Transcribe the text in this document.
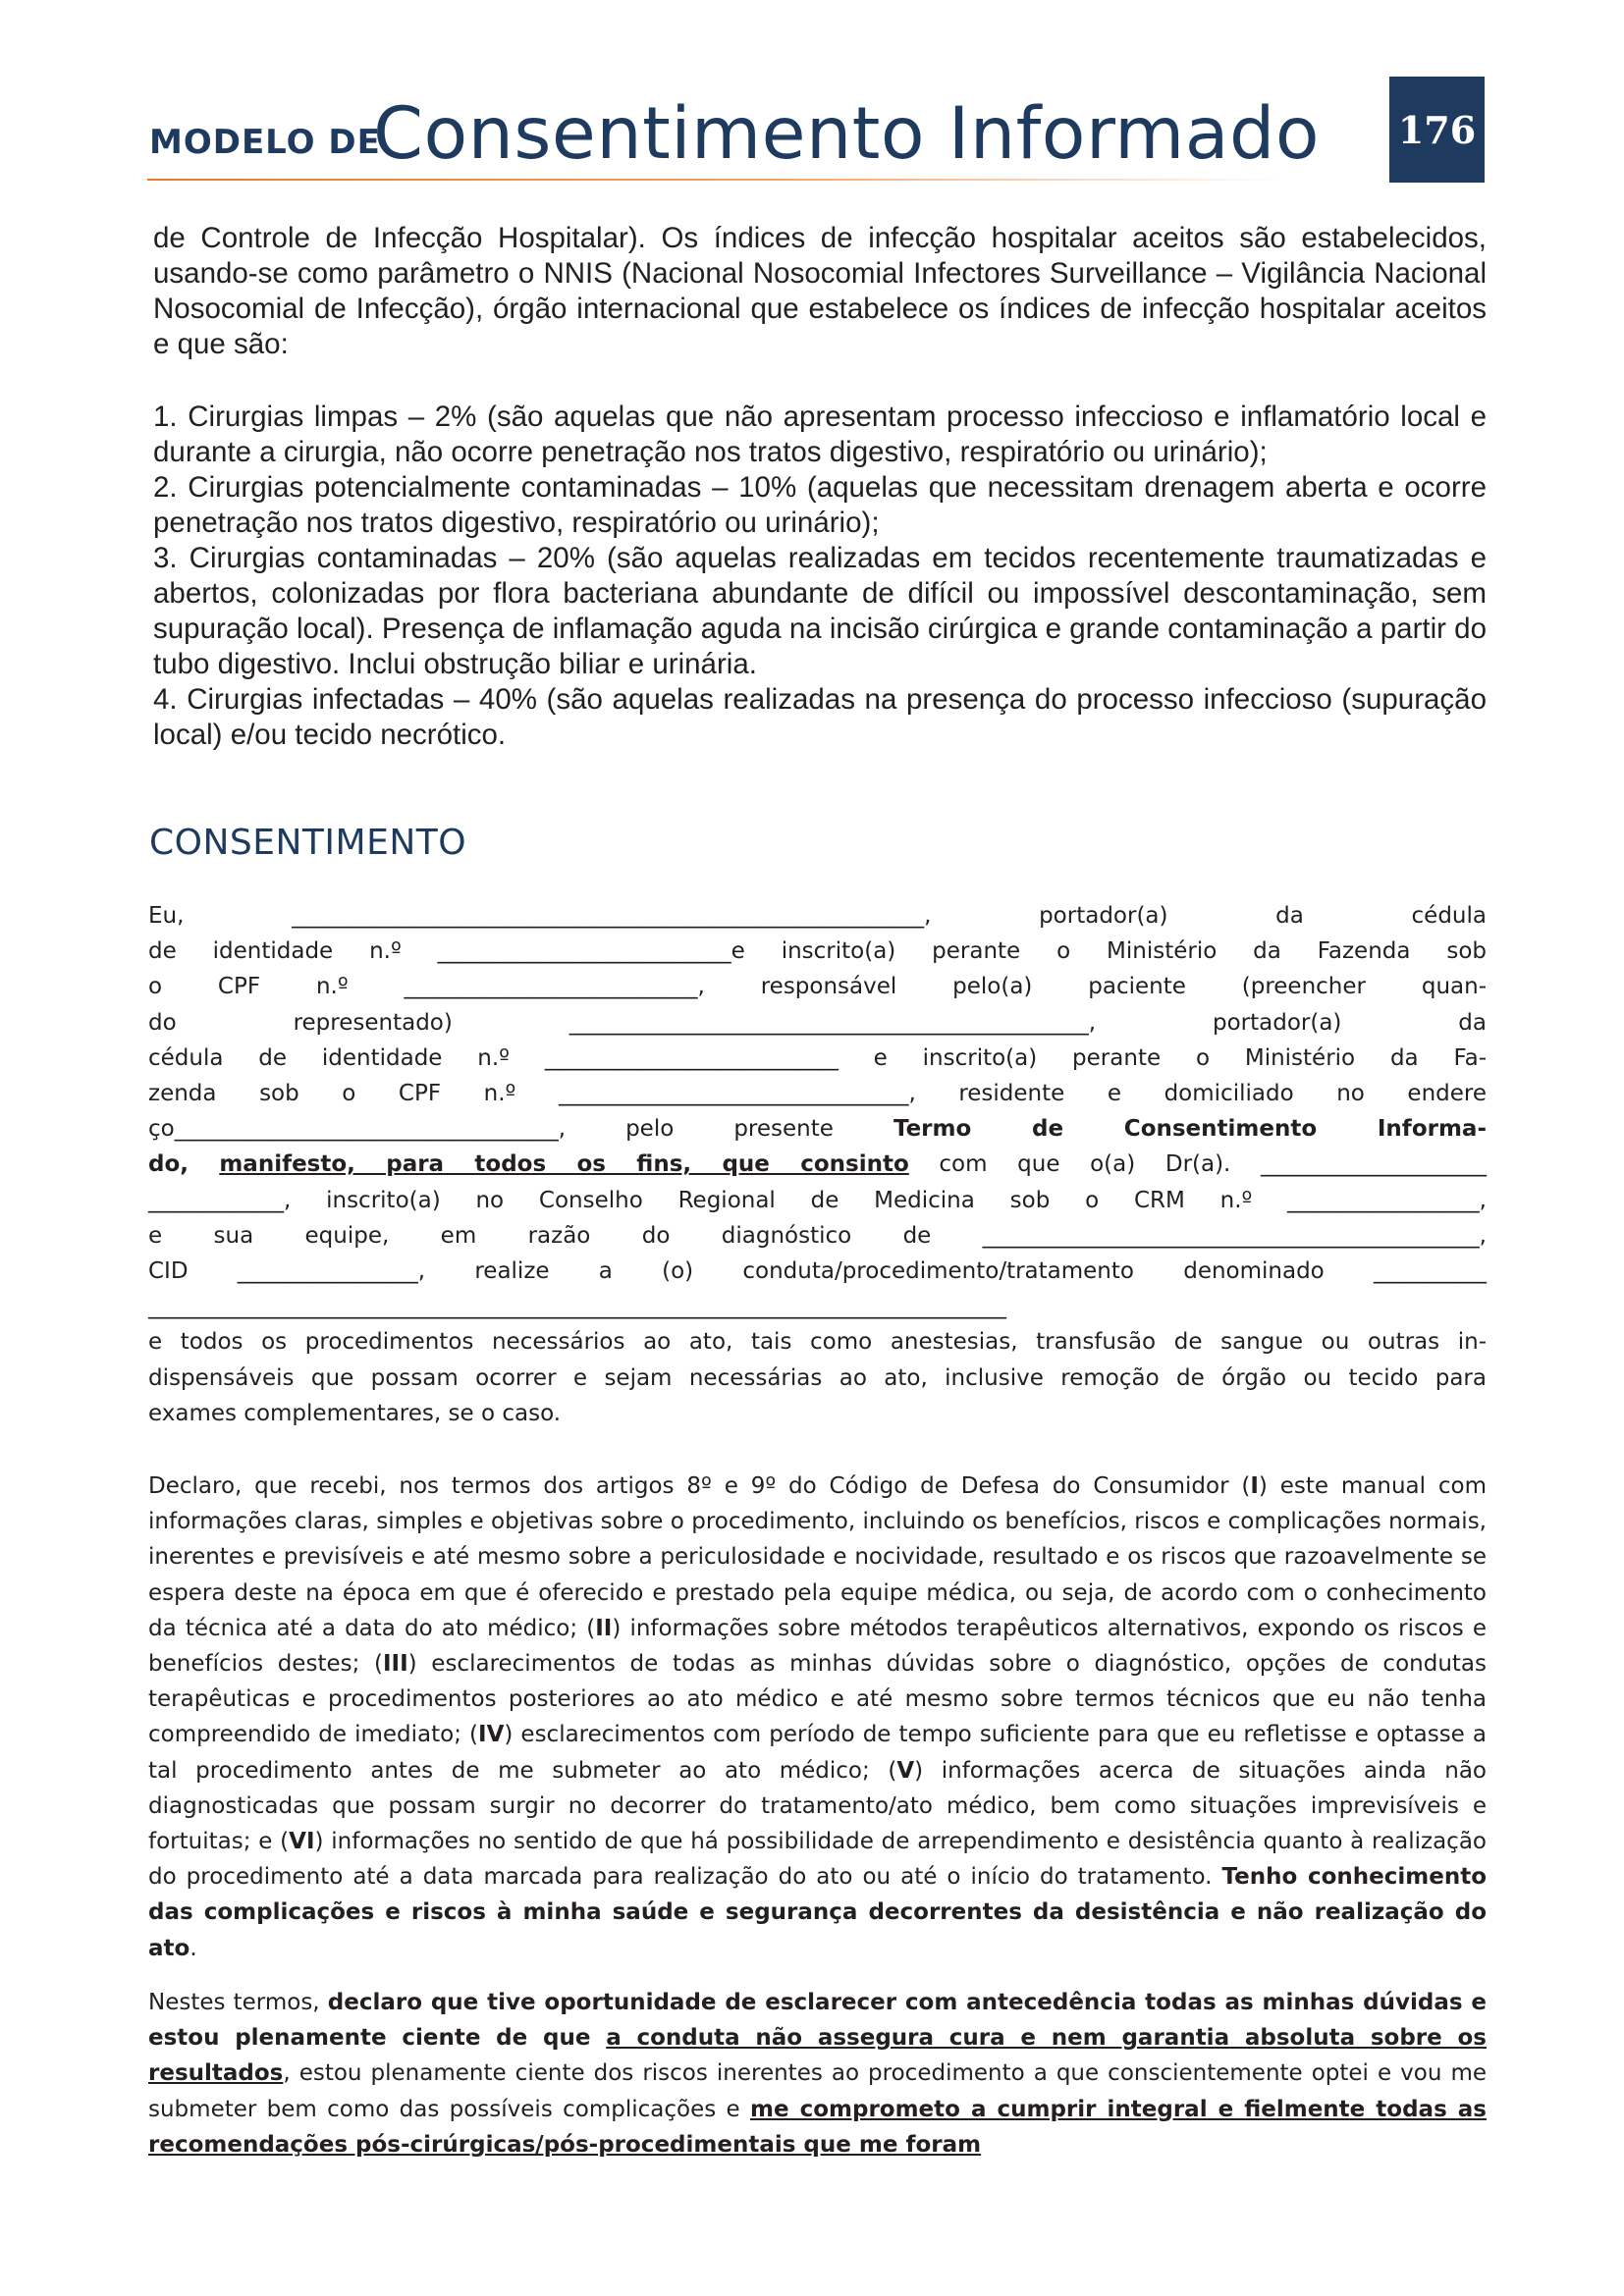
MODELO DE
Consentimento Informado 176

de Controle de Infecção Hospitalar). Os índices de infecção hospitalar aceitos são estabelecidos, usando-se como parâmetro o NNIS (Nacional Nosocomial Infectores Surveillance – Vigilância Nacional Nosocomial de Infecção), órgão internacional que estabelece os índices de infecção hospitalar aceitos e que são:

1. Cirurgias limpas – 2% (são aquelas que não apresentam processo infeccioso e inflamatório local e durante a cirurgia, não ocorre penetração nos tratos digestivo, respiratório ou urinário);

2. Cirurgias potencialmente contaminadas – 10% (aquelas que necessitam drenagem aberta e ocorre penetração nos tratos digestivo, respiratório ou urinário);

3. Cirurgias contaminadas – 20% (são aquelas realizadas em tecidos recentemente traumatizadas e abertos, colonizadas por flora bacteriana abundante de difícil ou impossível descontaminação, sem supuração local). Presença de inflamação aguda na incisão cirúrgica e grande contaminação a partir do tubo digestivo. Inclui obstrução biliar e urinária.

4. Cirurgias infectadas – 40% (são aquelas realizadas na presença do processo infeccioso (supuração local) e/ou tecido necrótico.

CONSENTIMENTO
Eu, ________________________________________________________, portador(a) da cédula
de identidade n.º __________________________e inscrito(a) perante o Ministério da Fazenda sob
o CPF n.º __________________________, responsável pelo(a) paciente (preencher quan-
do representado) ______________________________________________, portador(a) da
cédula de identidade n.º __________________________ e inscrito(a) perante o Ministério da Fa-
zenda sob o CPF n.º _______________________________, residente e domiciliado no endere
ço__________________________________, pelo presente Termo de Consentimento Informa-
do, manifesto, para todos os fins, que consinto com que o(a) Dr(a). ____________________
____________, inscrito(a) no Conselho Regional de Medicina sob o CRM n.º _________________,
e sua equipe, em razão do diagnóstico de ____________________________________________,
CID ________________, realize a (o) conduta/procedimento/tratamento denominado __________
____________________________________________________________________________
e todos os procedimentos necessários ao ato, tais como anestesias, transfusão de sangue ou outras in-
dispensáveis que possam ocorrer e sejam necessárias ao ato, inclusive remoção de órgão ou tecido para
exames complementares, se o caso.

Declaro, que recebi, nos termos dos artigos 8º e 9º do Código de Defesa do Consumidor (I) este manual com informações claras, simples e objetivas sobre o procedimento, incluindo os benefícios, riscos e complicações normais, inerentes e previsíveis e até mesmo sobre a periculosidade e nocividade, resultado e os riscos que razoavelmente se espera deste na época em que é oferecido e prestado pela equipe médica, ou seja, de acordo com o conhecimento da técnica até a data do ato médico; (II) informações sobre métodos terapêuticos alternativos, expondo os riscos e benefícios destes; (III) esclarecimentos de todas as minhas dúvidas sobre o diagnóstico, opções de condutas terapêuticas e procedimentos posteriores ao ato médico e até mesmo sobre termos técnicos que eu não tenha compreendido de imediato; (IV) esclarecimentos com período de tempo suficiente para que eu refletisse e optasse a tal procedimento antes de me submeter ao ato médico; (V) informações acerca de situações ainda não diagnosticadas que possam surgir no decorrer do tratamento/ato médico, bem como situações imprevisíveis e fortuitas; e (VI) informações no sentido de que há possibilidade de arrependimento e desistência quanto à realização do procedimento até a data marcada para realização do ato ou até o início do tratamento. Tenho conhecimento das complicações e riscos à minha saúde e segurança decorrentes da desistência e não realização do ato.

Nestes termos, declaro que tive oportunidade de esclarecer com antecedência todas as minhas dúvidas e estou plenamente ciente de que a conduta não assegura cura e nem garantia absoluta sobre os resultados, estou plenamente ciente dos riscos inerentes ao procedimento a que conscientemente optei e vou me submeter bem como das possíveis complicações e me comprometo a cumprir integral e fielmente todas as recomendações pós-cirúrgicas/pós-procedimentais que me foram
